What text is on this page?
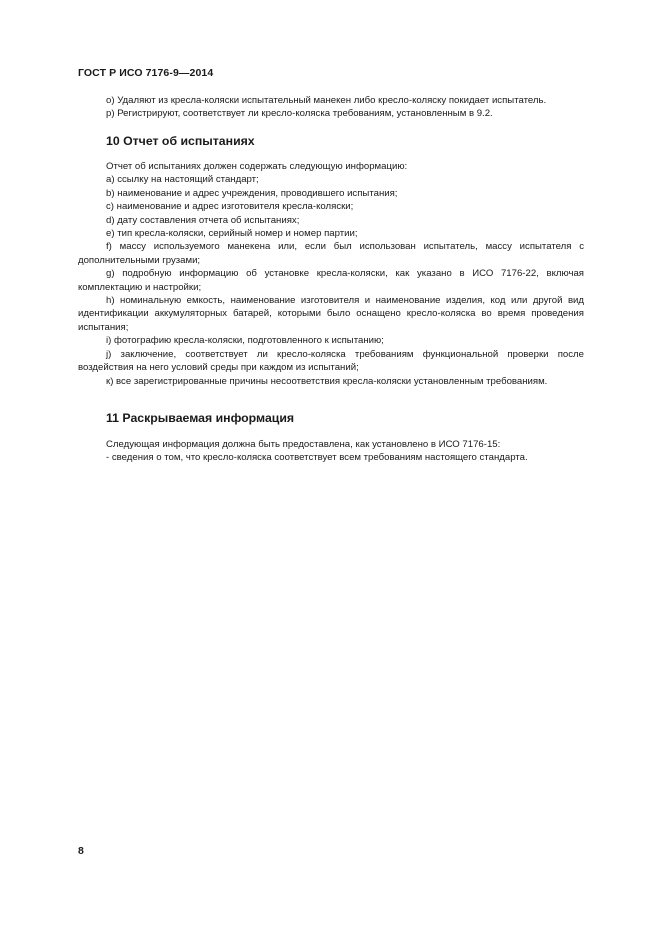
ГОСТ Р ИСО 7176-9—2014

o) Удаляют из кресла-коляски испытательный манекен либо кресло-коляску покидает испытатель.

p) Регистрируют, соответствует ли кресло-коляска требованиям, установленным в 9.2.

10 Отчет об испытаниях

Отчет об испытаниях должен содержать следующую информацию:

a) ссылку на настоящий стандарт;

b) наименование и адрес учреждения, проводившего испытания;

c) наименование и адрес изготовителя кресла-коляски;

d) дату составления отчета об испытаниях;

e) тип кресла-коляски, серийный номер и номер партии;

f) массу используемого манекена или, если был использован испытатель, массу испытателя с дополнительными грузами;

g) подробную информацию об установке кресла-коляски, как указано в ИСО 7176-22, включая комплектацию и настройки;

h) номинальную емкость, наименование изготовителя и наименование изделия, код или другой вид идентификации аккумуляторных батарей, которыми было оснащено кресло-коляска во время проведения испытания;

i) фотографию кресла-коляски, подготовленного к испытанию;

j) заключение, соответствует ли кресло-коляска требованиям функциональной проверки после воздействия на него условий среды при каждом из испытаний;

к) все зарегистрированные причины несоответствия кресла-коляски установленным требованиям.

11 Раскрываемая информация

Следующая информация должна быть предоставлена, как установлено в ИСО 7176-15:

- сведения о том, что кресло-коляска соответствует всем требованиям настоящего стандарта.

8
